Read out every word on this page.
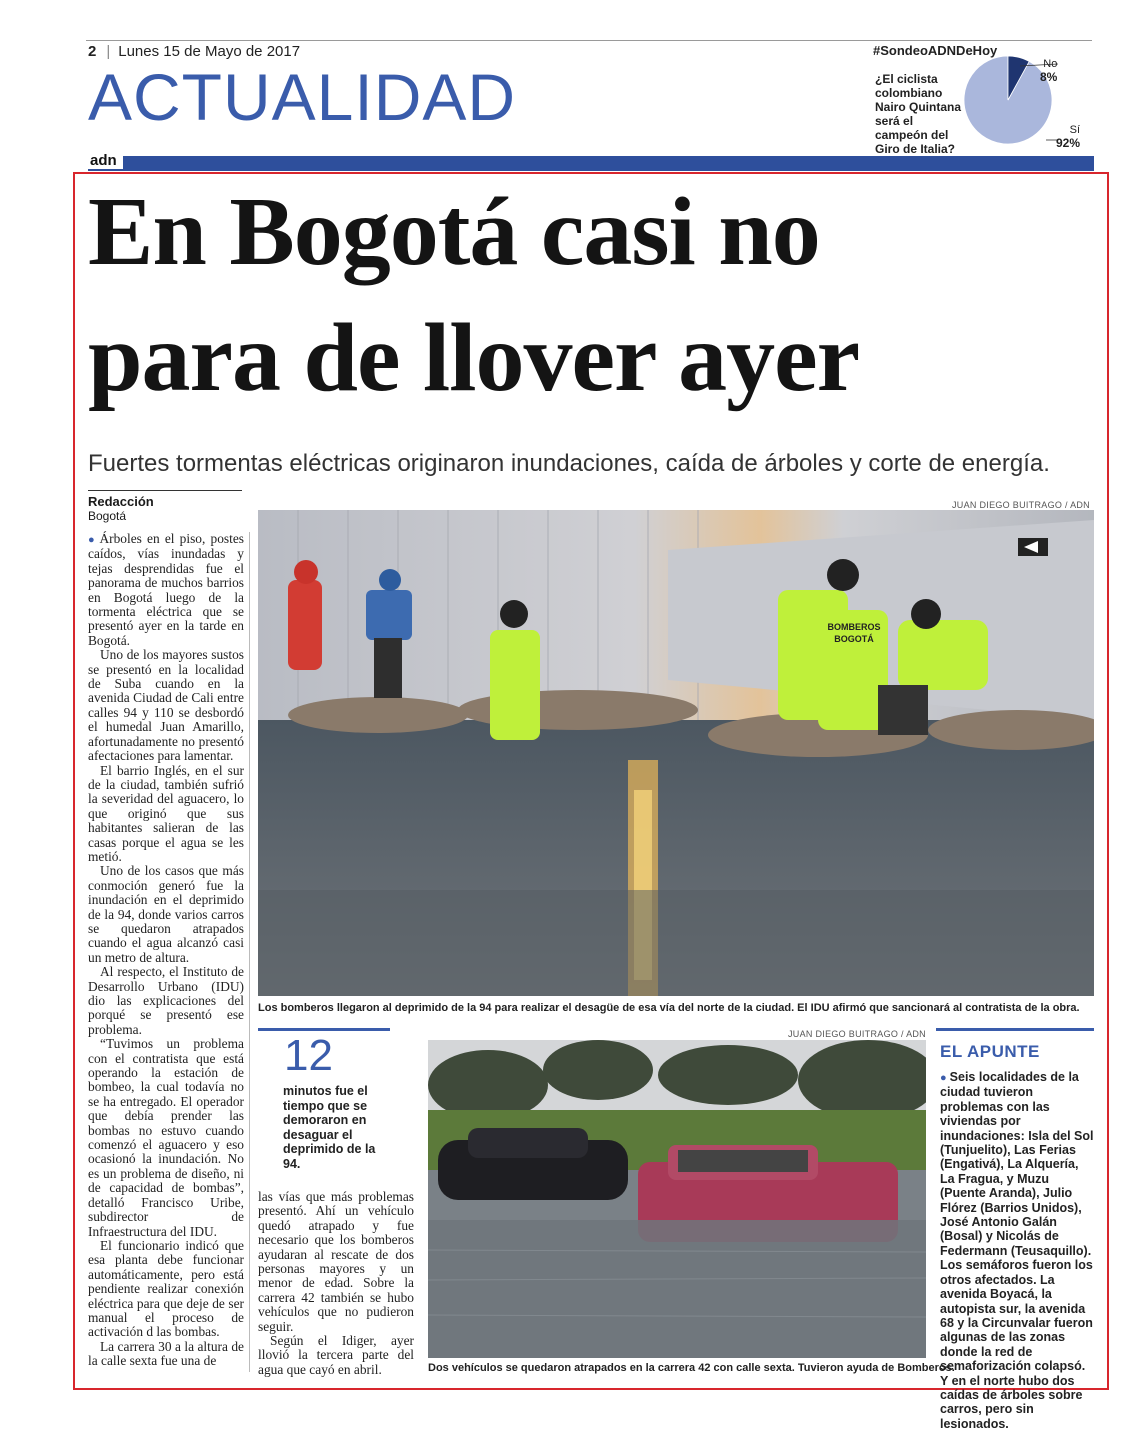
2 | Lunes 15 de Mayo de 2017
ACTUALIDAD
adn
#SondeoADNDeHoy
¿El ciclista colombiano Nairo Quintana será el campeón del Giro de Italia?
No
8%
Sí
92%
En Bogotá casi no
para de llover ayer
Fuertes tormentas eléctricas originaron inundaciones, caída de árboles y corte de energía.
Redacción
Bogotá

● Árboles en el piso, postes caídos, vías inundadas y tejas desprendidas fue el panorama de muchos barrios en Bogotá luego de la tormenta eléctrica que se presentó ayer en la tarde en Bogotá.

Uno de los mayores sustos se presentó en la localidad de Suba cuando en la avenida Ciudad de Cali entre calles 94 y 110 se desbordó el humedal Juan Amarillo, afortunadamente no presentó afectaciones para lamentar.

El barrio Inglés, en el sur de la ciudad, también sufrió la severidad del aguacero, lo que originó que sus habitantes salieran de las casas porque el agua se les metió.

Uno de los casos que más conmoción generó fue la inundación en el deprimido de la 94, donde varios carros se quedaron atrapados cuando el agua alcanzó casi un metro de altura.

Al respecto, el Instituto de Desarrollo Urbano (IDU) dio las explicaciones del porqué se presentó ese problema.

“Tuvimos un problema con el contratista que está operando la estación de bombeo, la cual todavía no se ha entregado. El operador que debía prender las bombas no estuvo cuando comenzó el aguacero y eso ocasionó la inundación. No es un problema de diseño, ni de capacidad de bombas”, detalló Francisco Uribe, subdirector de Infraestructura del IDU.

El funcionario indicó que esa planta debe funcionar automáticamente, pero está pendiente realizar conexión eléctrica para que deje de ser manual el proceso de activación d las bombas.

La carrera 30 a la altura de la calle sexta fue una de

JUAN DIEGO BUITRAGO / ADN
BOMBEROS
BOGOTÁ
Los bomberos llegaron al deprimido de la 94 para realizar el desagüe de esa vía del norte de la ciudad. El IDU afirmó que sancionará al contratista de la obra.
12
minutos fue el tiempo que se demoraron en desaguar el deprimido de la 94.

las vías que más problemas presentó. Ahí un vehículo quedó atrapado y fue necesario que los bomberos ayudaran al rescate de dos personas mayores y un menor de edad. Sobre la carrera 42 también se hubo vehículos que no pudieron seguir.

Según el Idiger, ayer llovió la tercera parte del agua que cayó en abril.

JUAN DIEGO BUITRAGO / ADN
Dos vehículos se quedaron atrapados en la carrera 42 con calle sexta. Tuvieron ayuda de Bomberos.
EL APUNTE

● Seis localidades de la ciudad tuvieron problemas con las viviendas por inundaciones: Isla del Sol (Tunjuelito), Las Ferias (Engativá), La Alquería, La Fragua, y Muzu (Puente Aranda), Julio Flórez (Barrios Unidos), José Antonio Galán (Bosal) y Nicolás de Federmann (Teusaquillo).

Los semáforos fueron los otros afectados. La avenida Boyacá, la autopista sur, la avenida 68 y la Circunvalar fueron algunas de las zonas donde la red de semaforización colapsó.

Y en el norte hubo dos caídas de árboles sobre carros, pero sin lesionados.
